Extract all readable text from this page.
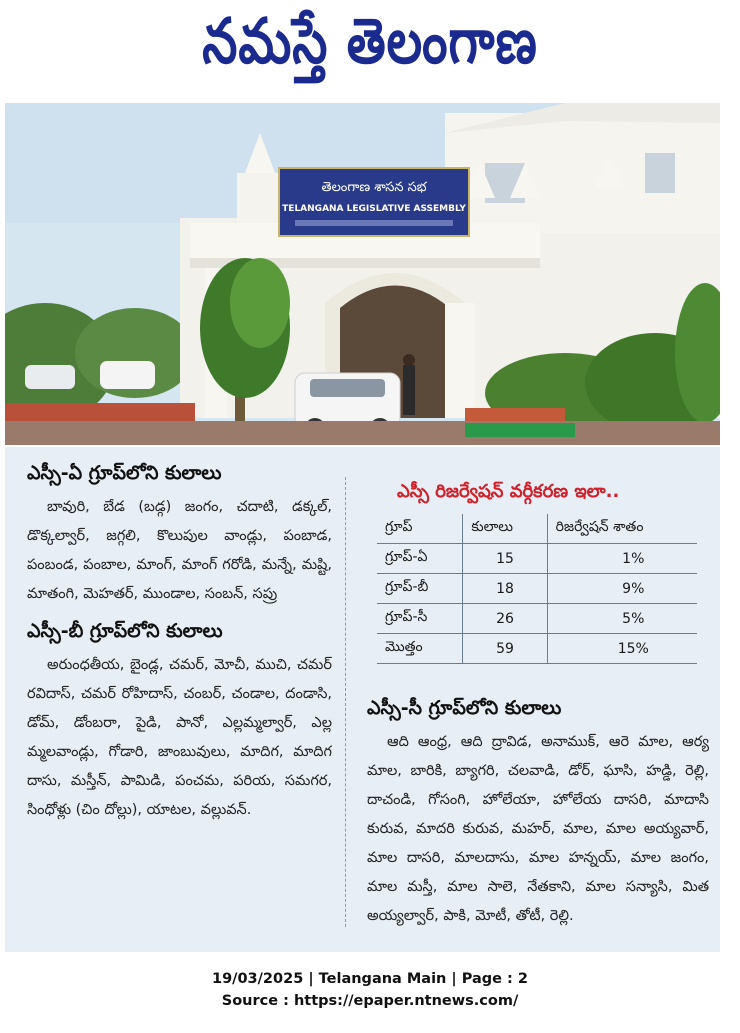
నమస్తే తెలంగాణ
తెలంగాణ శాసన సభ
TELANGANA LEGISLATIVE ASSEMBLY
ఎస్సీ-ఏ గ్రూప్‌లోని కులాలు

బావురి, బేడ (బడ్గ) జంగం, చదాటి, డక్కల్, డొక్కల్వార్, జగ్గలి, కొలుపుల వాండ్లు, పంబాడ, పంబండ, పంబాల, మాంగ్, మాంగ్ గరోడి, మన్నే, మష్టి, మాతంగి, మెహతర్, ముండాల, సంబన్, సప్రు

ఎస్సీ-బీ గ్రూప్‌లోని కులాలు

అరుంధతీయ, బైండ్ల, చమర్, మోచీ, ముచి, చమర్ రవిదాస్, చమర్ రోహిదాస్, చంబర్, చండాల, దండాసి, డోమ్, డోంబరా, పైడి, పానో, ఎల్లమ్మల్వార్, ఎల్ల మ్మలవాండ్లు, గోడారి, జాంబువులు, మాదిగ, మాదిగ దాసు, మస్తీన్, పామిడి, పంచమ, పరియ, సమగర, సింధోళ్లు (చిం దోల్లు), యాటల, వల్లువన్.

ఎస్సీ రిజర్వేషన్ వర్గీకరణ ఇలా..
గ్రూప్	కులాలు	రిజర్వేషన్ శాతం
గ్రూప్-ఏ	15	1%
గ్రూప్-బీ	18	9%
గ్రూప్-సీ	26	5%
మొత్తం	59	15%
ఎస్సీ-సీ గ్రూప్‌లోని కులాలు

ఆది ఆంధ్ర, ఆది ద్రావిడ, అనాముక్, ఆరె మాల, ఆర్య మాల, బారికి, బ్యాగరి, చలవాడి, డోర్, ఘాసి, హడ్డి, రెల్లి, దాచండి, గోసంగి, హోలేయా, హోలేయ దాసరి, మాదాసి కురువ, మాదరి కురువ, మహర్, మాల, మాల అయ్యవార్, మాల దాసరి, మాలదాసు, మాల హన్నయ్, మాల జంగం, మాల మస్తీ, మాల సాలె, నేతకాని, మాల సన్యాసి, మిత అయ్యల్వార్, పాకి, మోటీ, తోటీ, రెల్లి.

19/03/2025 | Telangana Main | Page : 2
Source : https://epaper.ntnews.com/
